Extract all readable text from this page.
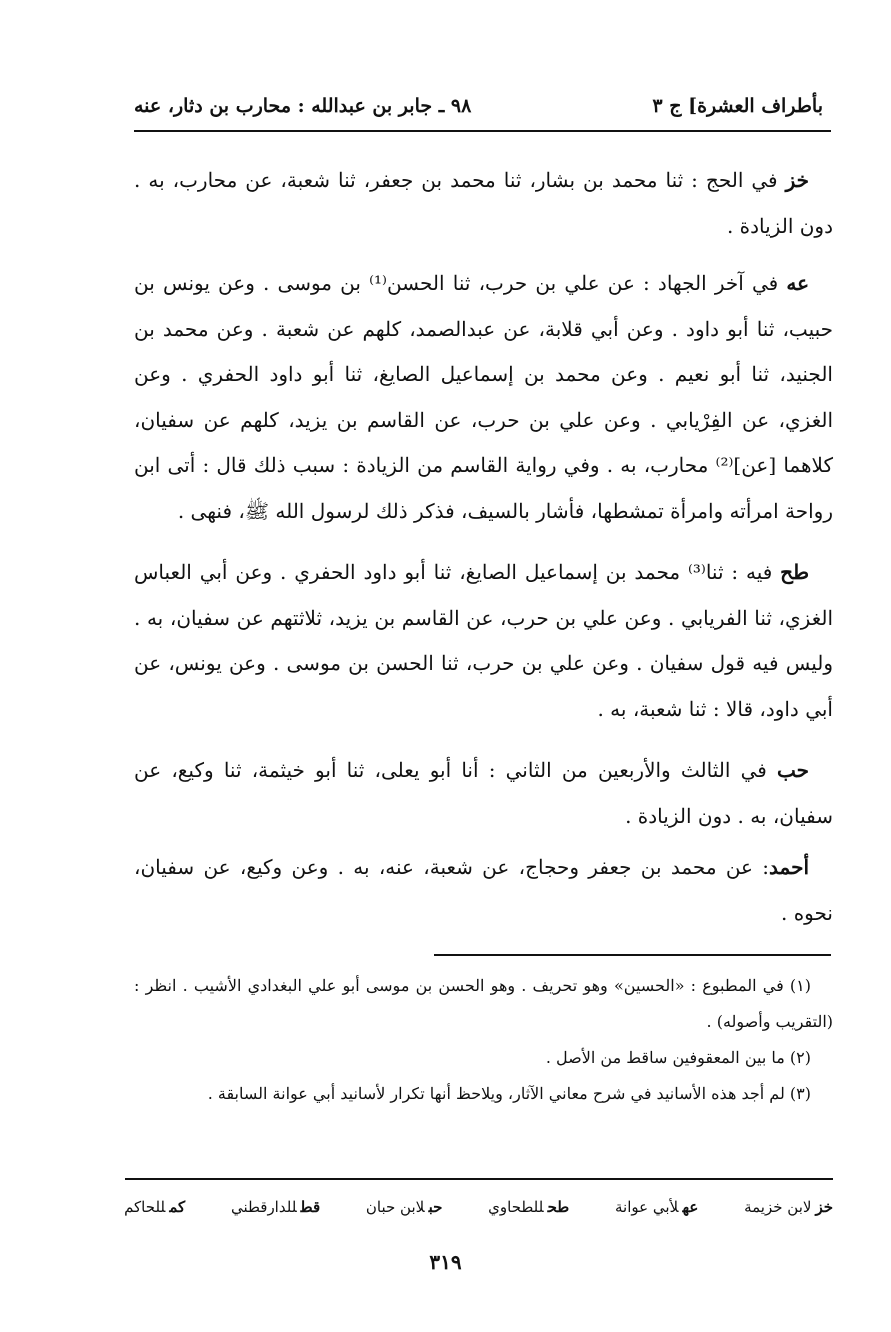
بأطراف العشرة] ج ٣
٩٨ ـ جابر بن عبدالله : محارب بن دثار، عنه

خز في الحج : ثنا محمد بن بشار، ثنا محمد بن جعفر، ثنا شعبة، عن محارب، به . دون الزيادة .

عه في آخر الجهاد : عن علي بن حرب، ثنا الحسن⁽¹⁾ بن موسى . وعن يونس بن حبيب، ثنا أبو داود . وعن أبي قلابة، عن عبدالصمد، كلهم عن شعبة . وعن محمد بن الجنيد، ثنا أبو نعيم . وعن محمد بن إسماعيل الصايغ، ثنا أبو داود الحفري . وعن الغزي، عن الفِرْيابي . وعن علي بن حرب، عن القاسم بن يزيد، كلهم عن سفيان، كلاهما [عن]⁽²⁾ محارب، به . وفي رواية القاسم من الزيادة : سبب ذلك قال : أتى ابن رواحة امرأته وامرأة تمشطها، فأشار بالسيف، فذكر ذلك لرسول الله ﷺ، فنهى .

طح فيه : ثنا⁽³⁾ محمد بن إسماعيل الصايغ، ثنا أبو داود الحفري . وعن أبي العباس الغزي، ثنا الفريابي . وعن علي بن حرب، عن القاسم بن يزيد، ثلاثتهم عن سفيان، به . وليس فيه قول سفيان . وعن علي بن حرب، ثنا الحسن بن موسى . وعن يونس، عن أبي داود، قالا : ثنا شعبة، به .

حب في الثالث والأربعين من الثاني : أنا أبو يعلى، ثنا أبو خيثمة، ثنا وكيع، عن سفيان، به . دون الزيادة .

أحمد: عن محمد بن جعفر وحجاج، عن شعبة، عنه، به . وعن وكيع، عن سفيان، نحوه .

(١) في المطبوع : «الحسين» وهو تحريف . وهو الحسن بن موسى أبو علي البغدادي الأشيب . انظر : (التقريب وأصوله) .

(٢) ما بين المعقوفين ساقط من الأصل .

(٣) لم أجد هذه الأسانيد في شرح معاني الآثار، ويلاحظ أنها تكرار لأسانيد أبي عوانة السابقة .

خزلابن خزيمة
عهلأبي عوانة
طحللطحاوي
حبلابن حبان
قطللدارقطني
كمللحاكم
٣١٩
